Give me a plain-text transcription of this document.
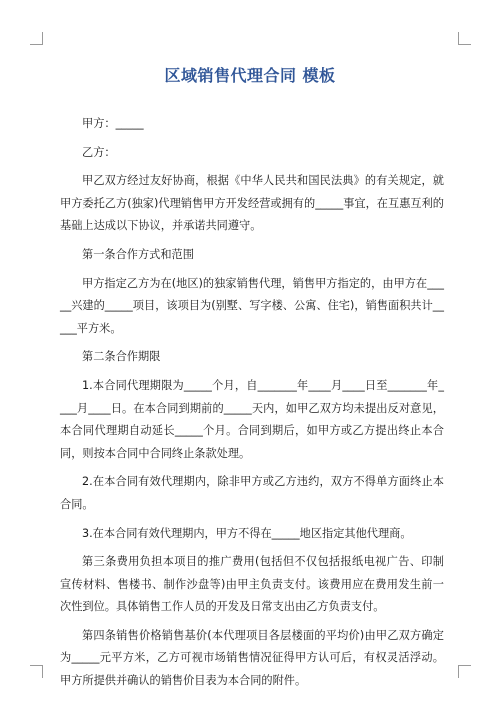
区域销售代理合同 模板

甲方：_____

乙方：

甲乙双方经过友好协商，根据《中华人民共和国民法典》的有关规定，就甲方委托乙方(独家)代理销售甲方开发经营或拥有的_____事宜，在互惠互利的基础上达成以下协议，并承诺共同遵守。

第一条合作方式和范围

甲方指定乙方为在(地区)的独家销售代理，销售甲方指定的，由甲方在_____兴建的_____项目，该项目为(别墅、写字楼、公寓、住宅)，销售面积共计_____平方米。

第二条合作期限

1.本合同代理期限为_____个月，自_______年____月____日至_______年____月____日。在本合同到期前的_____天内，如甲乙双方均未提出反对意见，本合同代理期自动延长_____个月。合同到期后，如甲方或乙方提出终止本合同，则按本合同中合同终止条款处理。

2.在本合同有效代理期内，除非甲方或乙方违约，双方不得单方面终止本合同。

3.在本合同有效代理期内，甲方不得在_____地区指定其他代理商。

第三条费用负担本项目的推广费用(包括但不仅包括报纸电视广告、印制宣传材料、售楼书、制作沙盘等)由甲主负责支付。该费用应在费用发生前一次性到位。具体销售工作人员的开发及日常支出由乙方负责支付。

第四条销售价格销售基价(本代理项目各层楼面的平均价)由甲乙双方确定为_____元平方米，乙方可视市场销售情况征得甲方认可后，有权灵活浮动。甲方所提供并确认的销售价目表为本合同的附件。
